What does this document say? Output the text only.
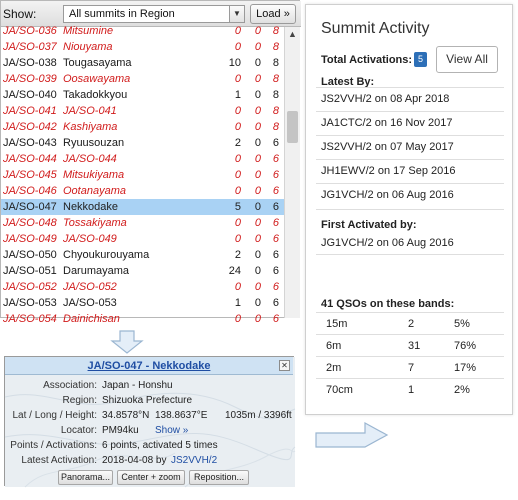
Show:	All summits in Region	▼	Load »
JA/SO-036 Mitsumine	0	0	8
JA/SO-037 Niouyama	0	0	8
JA/SO-038 Tougasayama	10	0	8
JA/SO-039 Oosawayama	0	0	8
JA/SO-040 Takadokkyou	1	0	8
JA/SO-041 JA/SO-041	0	0	8
JA/SO-042 Kashiyama	0	0	8
JA/SO-043 Ryuusouzan	2	0	6
JA/SO-044 JA/SO-044	0	0	6
JA/SO-045 Mitsukiyama	0	0	6
JA/SO-046 Ootanayama	0	0	6
JA/SO-047 Nekkodake	5	0	6
JA/SO-048 Tossakiyama	0	0	6
JA/SO-049 JA/SO-049	0	0	6
JA/SO-050 Chyoukurouyama	2	0	6
JA/SO-051 Darumayama	24	0	6
JA/SO-052 JA/SO-052	0	0	6
JA/SO-053 JA/SO-053	1	0	6
JA/SO-054 Dainichisan	0	0	6
▲ Summit Activity
Total Activations: 5	View All
Latest By:
JS2VVH/2 on 08 Apr 2018
JA1CTC/2 on 16 Nov 2017
JS2VVH/2 on 07 May 2017
JH1EWV/2 on 17 Sep 2016
JG1VCH/2 on 06 Aug 2016
First Activated by:
JG1VCH/2 on 06 Aug 2016
41 QSOs on these bands:
15m	2	5%
6m	31	76%
2m	7	17%
70cm	1	2%
JA/SO-047 - Nekkodake	✕
Association: Japan - Honshu
Region: Shizuoka Prefecture
Lat / Long / Height: 34.8578°N 138.8637°E 1035m / 3396ft
Locator: PM94ku Show »
Points / Activations: 6 points, activated 5 times
Latest Activation: 2018-04-08 by JS2VVH/2
Panorama...	Center + zoom	Reposition...
